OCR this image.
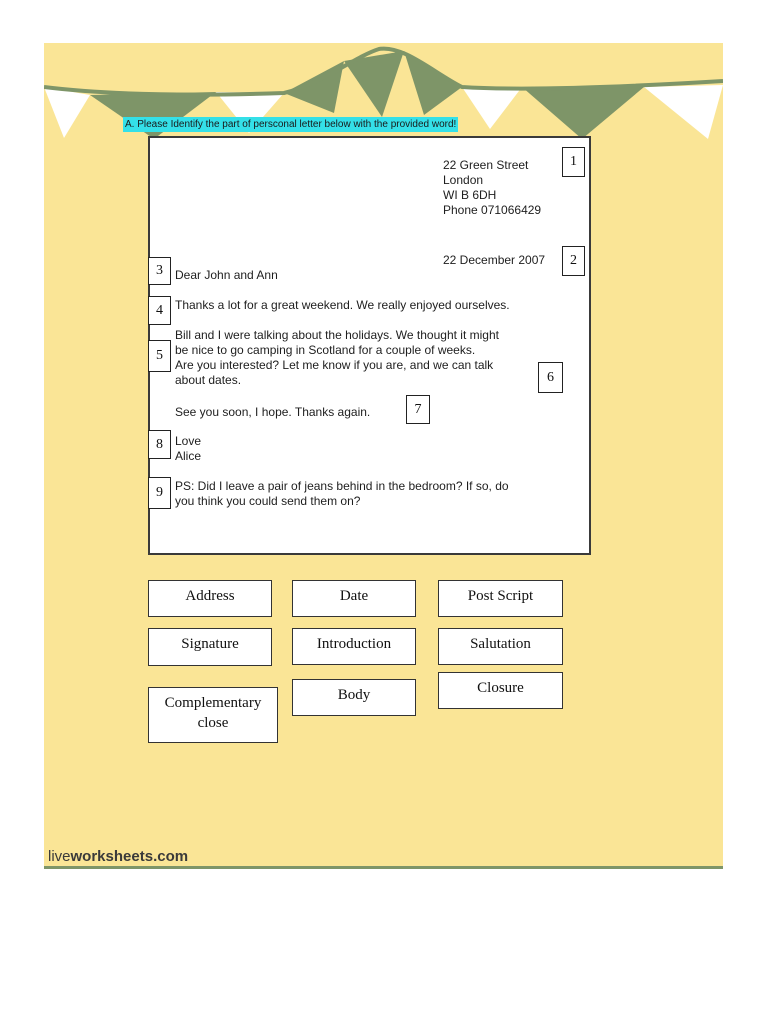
A. Please Identify the part of persconal letter below with the provided word!
22 Green Street
London
WI B 6DH
Phone 071066429
22 December 2007
Dear John and Ann
Thanks a lot for a great weekend. We really enjoyed ourselves.
Bill and I were talking about the holidays. We thought it might
be nice to go camping in Scotland for a couple of weeks.
Are you interested? Let me know if you are, and we can talk
about dates.
See you soon, I hope. Thanks again.
Love
Alice
PS: Did I leave a pair of jeans behind in the bedroom? If so, do
you think you could send them on?
1
2
3
4
5
6
7
8
9
Address	Date	Post Script
Signature	Introduction	Salutation
Complementary
close
Body	Closure
liveworksheets.com
